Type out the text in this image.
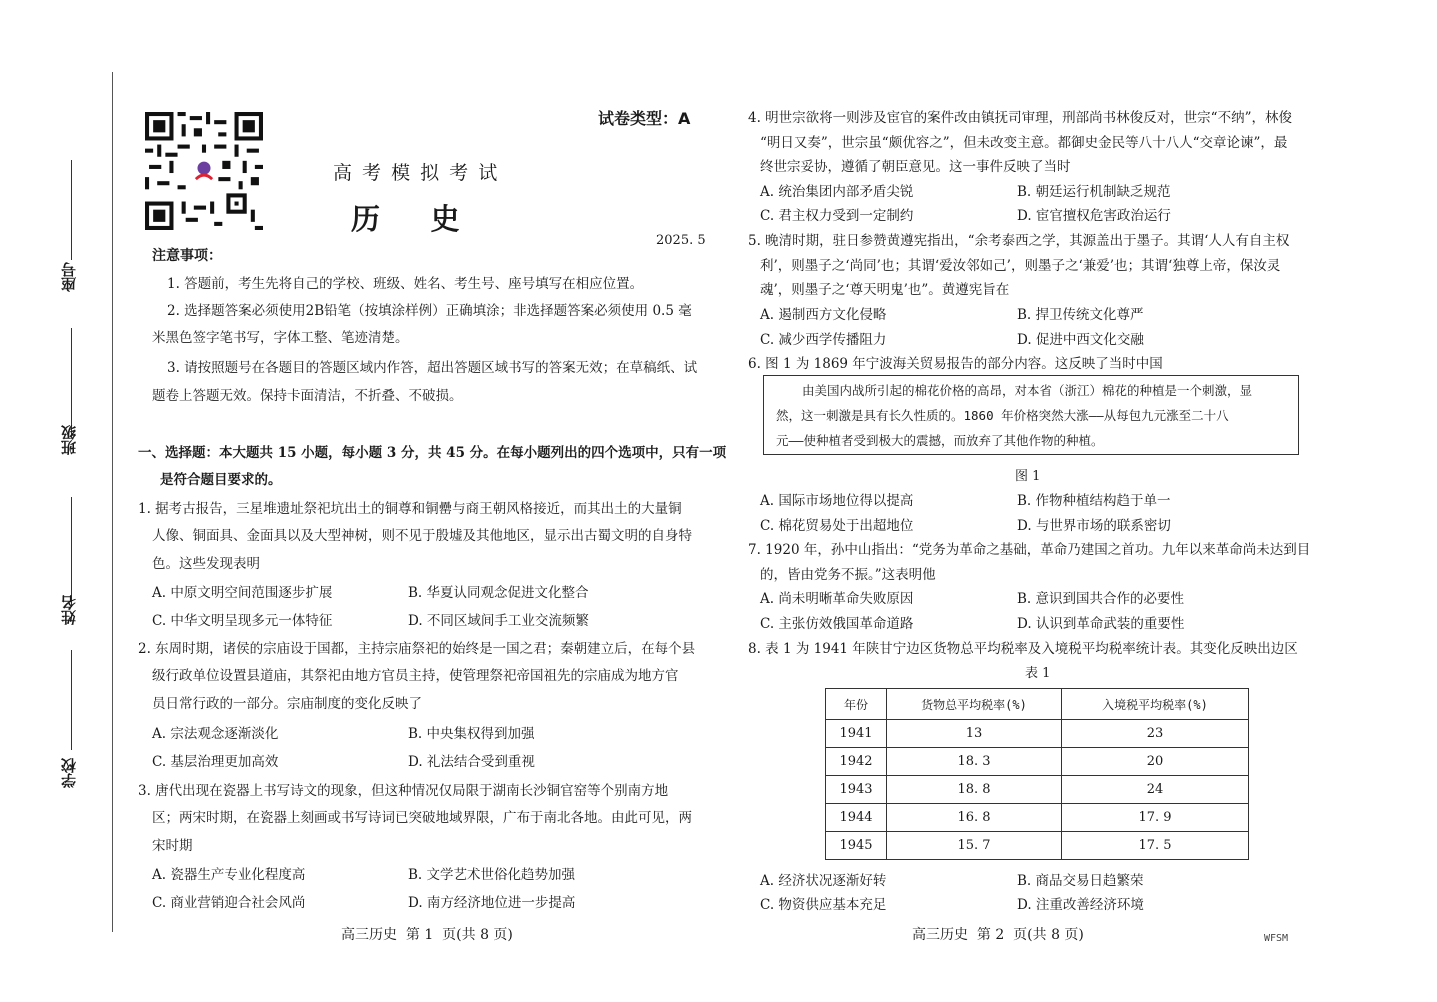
座号
班级
姓名
学校
试卷类型：A
高 考 模 拟 考 试
历     史
2025. 5
注意事项：
1. 答题前，考生先将自己的学校、班级、姓名、考生号、座号填写在相应位置。
2. 选择题答案必须使用2B铅笔（按填涂样例）正确填涂；非选择题答案必须使用 0.5 毫
米黑色签字笔书写，字体工整、笔迹清楚。
3. 请按照题号在各题目的答题区域内作答，超出答题区域书写的答案无效；在草稿纸、试
题卷上答题无效。保持卡面清洁，不折叠、不破损。
一、选择题：本大题共 15 小题，每小题 3 分，共 45 分。在每小题列出的四个选项中，只有一项
是符合题目要求的。
1. 据考古报告，三星堆遗址祭祀坑出土的铜尊和铜罍与商王朝风格接近，而其出土的大量铜
人像、铜面具、金面具以及大型神树，则不见于殷墟及其他地区，显示出古蜀文明的自身特
色。这些发现表明
A. 中原文明空间范围逐步扩展	B. 华夏认同观念促进文化整合
C. 中华文明呈现多元一体特征	D. 不同区域间手工业交流频繁
2. 东周时期，诸侯的宗庙设于国都，主持宗庙祭祀的始终是一国之君；秦朝建立后，在每个县
级行政单位设置县道庙，其祭祀由地方官员主持，使管理祭祀帝国祖先的宗庙成为地方官
员日常行政的一部分。宗庙制度的变化反映了
A. 宗法观念逐渐淡化	B. 中央集权得到加强
C. 基层治理更加高效	D. 礼法结合受到重视
3. 唐代出现在瓷器上书写诗文的现象，但这种情况仅局限于湖南长沙铜官窑等个别南方地
区；两宋时期，在瓷器上刻画或书写诗词已突破地域界限，广布于南北各地。由此可见，两
宋时期
A. 瓷器生产专业化程度高	B. 文学艺术世俗化趋势加强
C. 商业营销迎合社会风尚	D. 南方经济地位进一步提高
高三历史  第 1  页(共 8 页)
4. 明世宗欲将一则涉及宦官的案件改由镇抚司审理，刑部尚书林俊反对，世宗“不纳”，林俊
“明日又奏”，世宗虽“颇优容之”，但未改变主意。都御史金民等八十八人“交章论谏”，最
终世宗妥协，遵循了朝臣意见。这一事件反映了当时
A. 统治集团内部矛盾尖锐	B. 朝廷运行机制缺乏规范
C. 君主权力受到一定制约	D. 宦官擅权危害政治运行
5. 晚清时期，驻日参赞黄遵宪指出，“余考泰西之学，其源盖出于墨子。其谓‘人人有自主权
利’，则墨子之‘尚同’也；其谓‘爱汝邻如己’，则墨子之‘兼爱’也；其谓‘独尊上帝，保汝灵
魂’，则墨子之‘尊天明鬼’也”。黄遵宪旨在
A. 遏制西方文化侵略	B. 捍卫传统文化尊严
C. 减少西学传播阻力	D. 促进中西文化交融
6. 图 1 为 1869 年宁波海关贸易报告的部分内容。这反映了当时中国
由美国内战所引起的棉花价格的高昂，对本省（浙江）棉花的种植是一个刺激，显
然，这一刺激是具有长久性质的。1860 年价格突然大涨——从每包九元涨至二十八
元——使种植者受到极大的震撼，而放弃了其他作物的种植。
图 1
A. 国际市场地位得以提高	B. 作物种植结构趋于单一
C. 棉花贸易处于出超地位	D. 与世界市场的联系密切
7. 1920 年，孙中山指出：“党务为革命之基础，革命乃建国之首功。九年以来革命尚未达到目
的，皆由党务不振。”这表明他
A. 尚未明晰革命失败原因	B. 意识到国共合作的必要性
C. 主张仿效俄国革命道路	D. 认识到革命武装的重要性
8. 表 1 为 1941 年陕甘宁边区货物总平均税率及入境税平均税率统计表。其变化反映出边区
表 1
年份	货物总平均税率(%)	入境税平均税率(%)
1941	13	23
1942	18. 3	20
1943	18. 8	24
1944	16. 8	17. 9
1945	15. 7	17. 5
A. 经济状况逐渐好转	B. 商品交易日趋繁荣
C. 物资供应基本充足	D. 注重改善经济环境
高三历史  第 2  页(共 8 页)	WFSM
